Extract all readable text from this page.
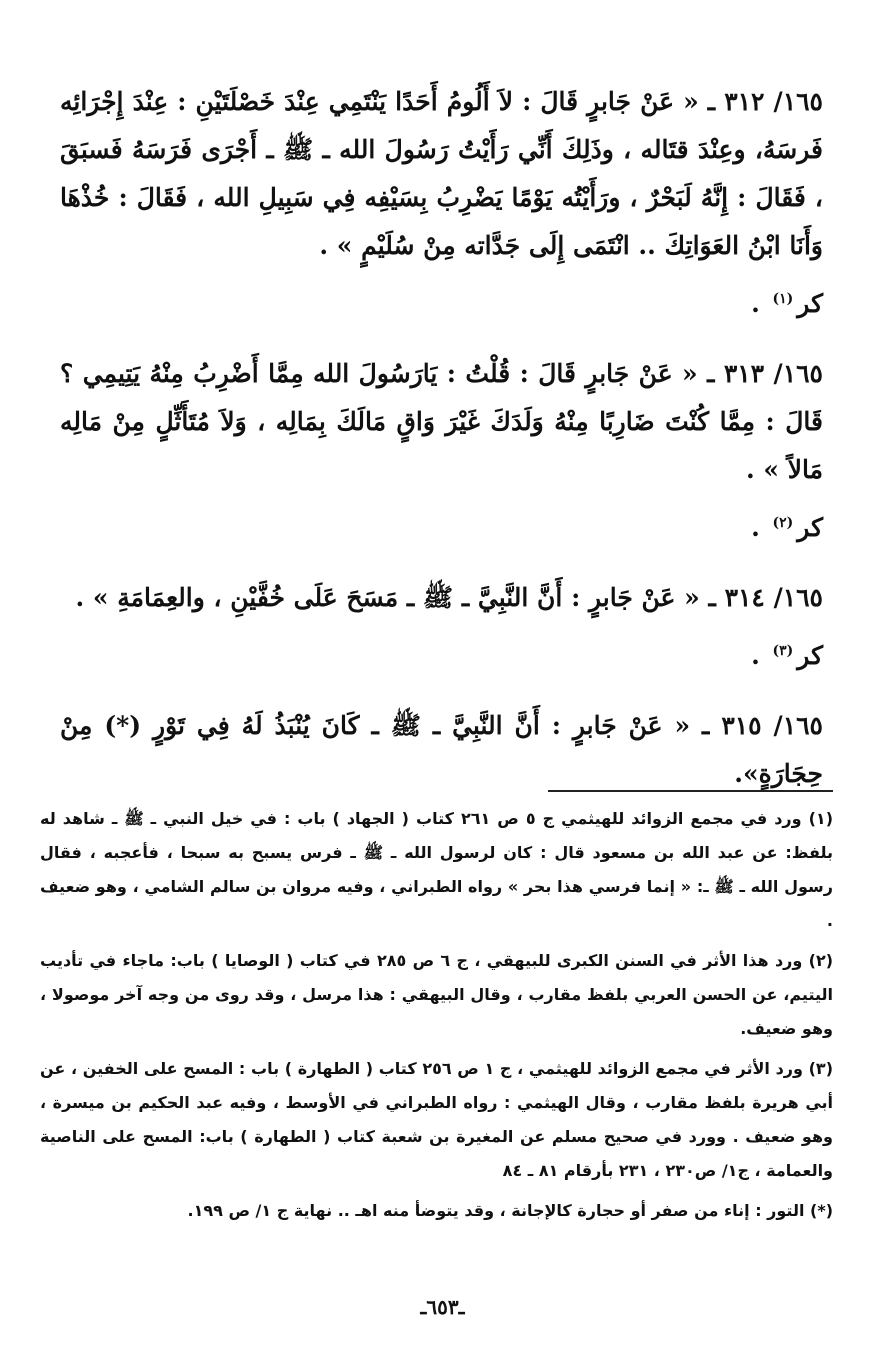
١٦٥/ ٣١٢ ـ « عَنْ جَابرٍ قَالَ : لاَ أَلُومُ أَحَدًا يَنْتَمِي عِنْدَ خَصْلَتَيْنِ : عِنْدَ إِجْرَائِه فَرسَهُ، وعِنْدَ قتَاله ، وذَلِكَ أَنِّي رَأَيْتُ رَسُولَ الله ـ ﷺ ـ أَجْرَى فَرَسَهُ فَسبَقَ ، فَقَالَ : إِنَّهُ لَبَحْرٌ ، ورَأَيْتُه يَوْمًا يَضْرِبُ بِسَيْفِه فِي سَبِيلِ الله ، فَقَالَ : خُذْهَا وَأَنَا ابْنُ العَوَاتِكَ .. انْتَمَى إِلَى جَدَّاته مِنْ سُلَيْمٍ » .

كر$^{(١)}$ .

١٦٥/ ٣١٣ ـ « عَنْ جَابرٍ قَالَ : قُلْتُ : يَارَسُولَ الله مِمَّا أَضْرِبُ مِنْهُ يَتِيمِي ؟ قَالَ : مِمَّا كُنْتَ ضَارِبًا مِنْهُ وَلَدَكَ غَيْرَ وَاقٍ مَالَكَ بِمَالِه ، وَلاَ مُتَأَثِّلٍ مِنْ مَالِه مَالاً » .

كر$^{(٢)}$ .

١٦٥/ ٣١٤ ـ « عَنْ جَابرٍ : أَنَّ النَّبِيَّ ـ ﷺ ـ مَسَحَ عَلَى خُفَّيْنِ ، والعِمَامَةِ » .

كر$^{(٣)}$ .

١٦٥/ ٣١٥ ـ « عَنْ جَابرٍ : أَنَّ النَّبِيَّ ـ ﷺ ـ كَانَ يُنْبَذُ لَهُ فِي تَوْرٍ (*) مِنْ حِجَارَةٍ».

(١) ورد في مجمع الزوائد للهيثمي ج ٥ ص ٢٦١ كتاب ( الجهاد ) باب : في خيل النبي ـ ﷺ ـ شاهد له بلفظ: عن عبد الله بن مسعود قال : كان لرسول الله ـ ﷺ ـ فرس يسبح به سبحا ، فأعجبه ، فقال رسول الله ـ ﷺ ـ: « إنما فرسي هذا بحر » رواه الطبراني ، وفيه مروان بن سالم الشامي ، وهو ضعيف .

(٢) ورد هذا الأثر في السنن الكبرى للبيهقي ، ج ٦ ص ٢٨٥ في كتاب ( الوصايا ) باب: ماجاء في تأديب اليتيم، عن الحسن العربي بلفظ مقارب ، وقال البيهقي : هذا مرسل ، وقد روى من وجه آخر موصولا ، وهو ضعيف.

(٣) ورد الأثر في مجمع الزوائد للهيثمي ، ج ١ ص ٢٥٦ كتاب ( الطهارة ) باب : المسح على الخفين ، عن أبي هريرة بلفظ مقارب ، وقال الهيثمي : رواه الطبراني في الأوسط ، وفيه عبد الحكيم بن ميسرة ، وهو ضعيف . وورد في صحيح مسلم عن المغيرة بن شعبة كتاب ( الطهارة ) باب: المسح على الناصية والعمامة ، ج١/ ص٢٣٠ ، ٢٣١ بأرقام ٨١ ـ ٨٤

(*) التور : إناء من صفر أو حجارة كالإجانة ، وقد يتوضأ منه اهـ .. نهاية ج ١/ ص ١٩٩.

ـ٦٥٣ـ
